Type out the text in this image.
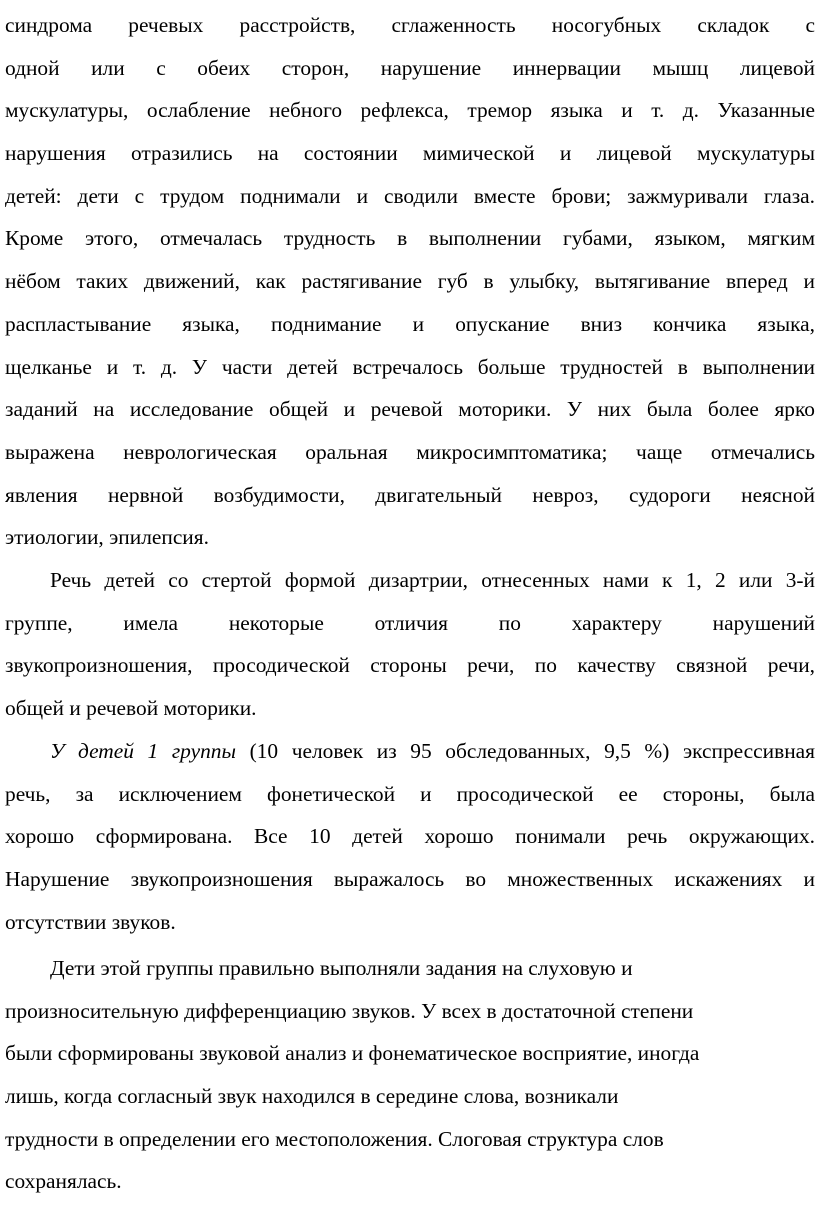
синдрома речевых расстройств, сглаженность носогубных складок с
одной или с обеих сторон, нарушение иннервации мышц лицевой
мускулатуры, ослабление небного рефлекса, тремор языка и т. д. Указанные
нарушения отразились на состоянии мимической и лицевой мускулатуры
детей: дети с трудом поднимали и сводили вместе брови; зажмуривали глаза.
Кроме этого, отмечалась трудность в выполнении губами, языком, мягким
нёбом таких движений, как растягивание губ в улыбку, вытягивание вперед и
распластывание языка, поднимание и опускание вниз кончика языка,
щелканье и т. д. У части детей встречалось больше трудностей в выполнении
заданий на исследование общей и речевой моторики. У них была более ярко
выражена неврологическая оральная микросимптоматика; чаще отмечались
явления нервной возбудимости, двигательный невроз, судороги неясной
этиологии, эпилепсия.
Речь детей со стертой формой дизартрии, отнесенных нами к 1, 2 или 3-й
группе, имела некоторые отличия по характеру нарушений
звукопроизношения, просодической стороны речи, по качеству связной речи,
общей и речевой моторики.
У детей 1 группы (10 человек из 95 обследованных, 9,5 %) экспрессивная
речь, за исключением фонетической и просодической ее стороны, была
хорошо сформирована. Все 10 детей хорошо понимали речь окружающих.
Нарушение звукопроизношения выражалось во множественных искажениях и
отсутствии звуков.
Дети этой группы правильно выполняли задания на слуховую и
произносительную дифференциацию звуков. У всех в достаточной степени
были сформированы звуковой анализ и фонематическое восприятие, иногда
лишь, когда согласный звук находился в середине слова, возникали
трудности в определении его местоположения. Слоговая структура слов
сохранялась.
